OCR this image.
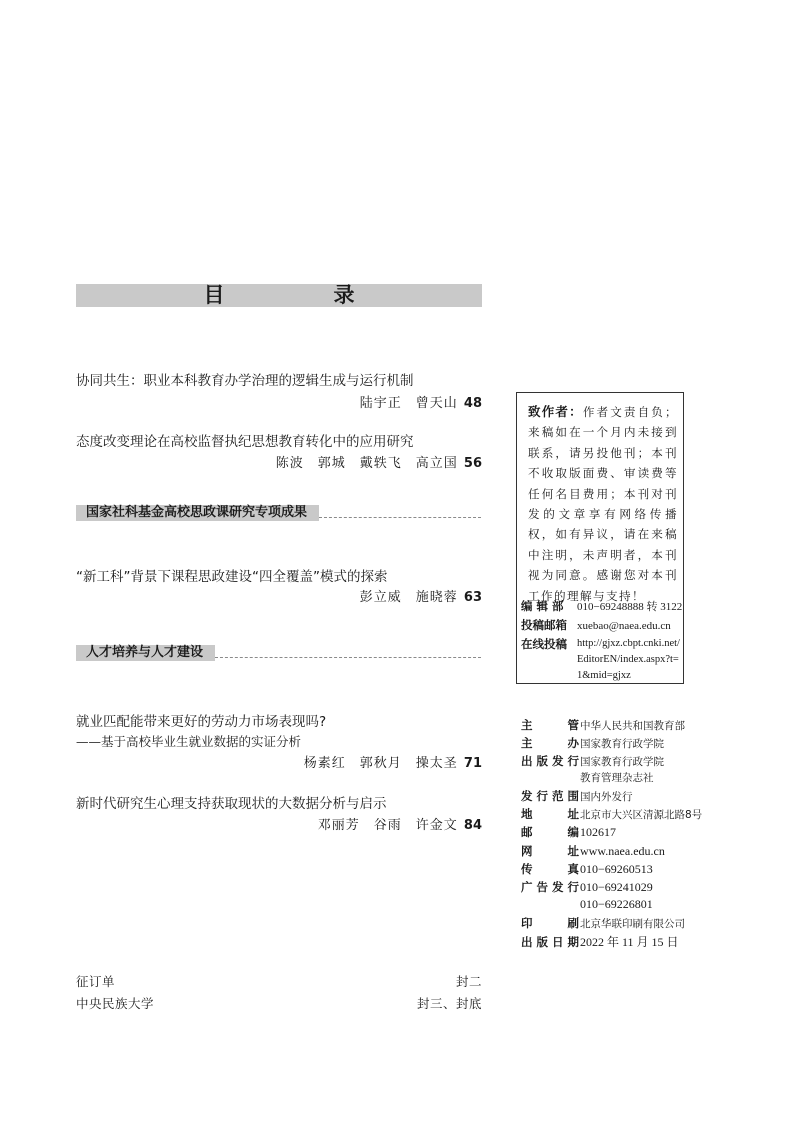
目　录
协同共生：职业本科教育办学治理的逻辑生成与运行机制
陆宇正　曾天山 48
态度改变理论在高校监督执纪思想教育转化中的应用研究
陈波　郭城　戴轶飞　高立国 56
国家社科基金高校思政课研究专项成果
“新工科”背景下课程思政建设“四全覆盖”模式的探索
彭立威　施晓蓉 63
人才培养与人才建设
就业匹配能带来更好的劳动力市场表现吗?
——基于高校毕业生就业数据的实证分析
杨素红　郭秋月　操太圣 71
新时代研究生心理支持获取现状的大数据分析与启示
邓丽芳　谷雨　许金文 84
致作者：作者文责自负；来稿如在一个月内未接到联系，请另投他刊；本刊不收取版面费、审读费等任何名目费用；本刊对刊发的文章享有网络传播权，如有异议，请在来稿中注明，未声明者，本刊视为同意。感谢您对本刊工作的理解与支持！
编 辑 部 010−69248888 转 3122
投稿邮箱 xuebao@naea.edu.cn
在线投稿 http://gjxz.cbpt.cnki.net/EditorEN/index.aspx?t=1&mid=gjxz
主管中华人民共和国教育部
主办国家教育行政学院
出版发行国家教育行政学院
教育管理杂志社
发行范围国内外发行
地址北京市大兴区清源北路8号
邮编102617
网址www.naea.edu.cn
传真010−69260513
广告发行010−69241029
010−69226801
印刷北京华联印刷有限公司
出版日期2022 年 11 月 15 日
征订单	封二
中央民族大学	封三、封底
